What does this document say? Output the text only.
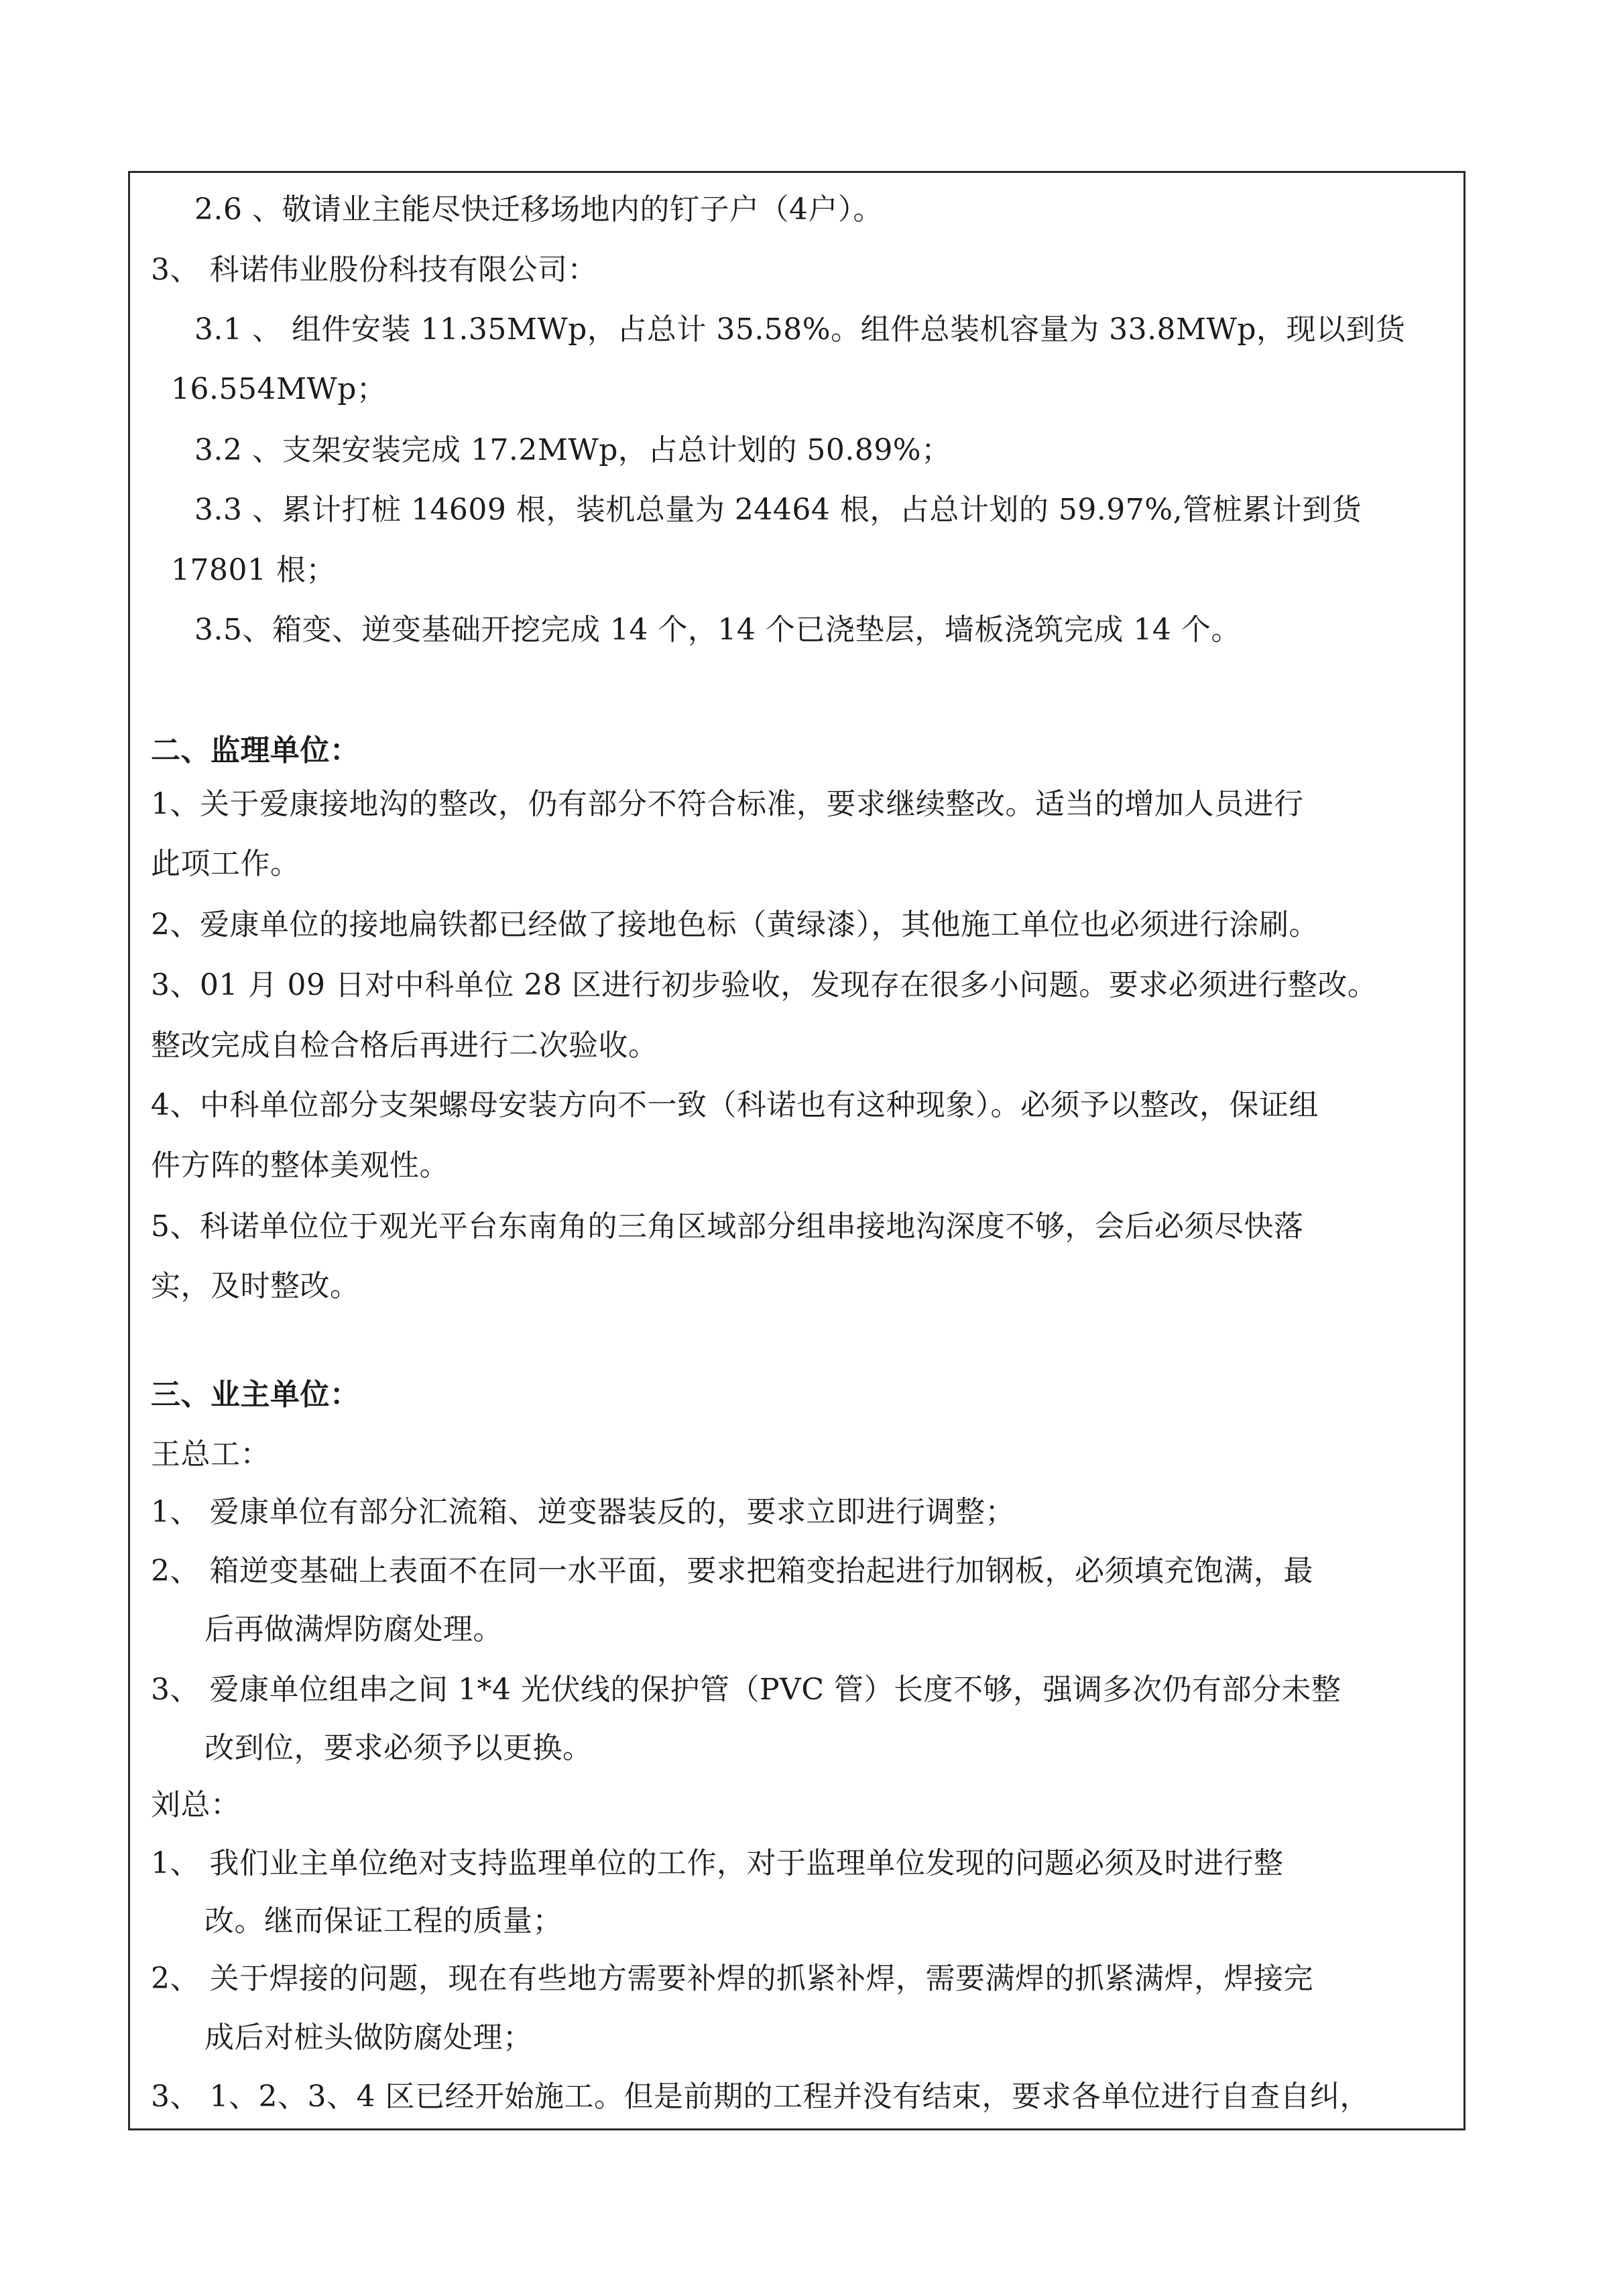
2.6 、敬请业主能尽快迁移场地内的钉子户（4户）。
3、 科诺伟业股份科技有限公司：
3.1 、 组件安装 11.35MWp，占总计 35.58%。组件总装机容量为 33.8MWp，现以到货
16.554MWp；
3.2 、支架安装完成 17.2MWp，占总计划的 50.89%；
3.3 、累计打桩 14609 根，装机总量为 24464 根，占总计划的 59.97%,管桩累计到货
17801 根；
3.5、箱变、逆变基础开挖完成 14 个，14 个已浇垫层，墙板浇筑完成 14 个。
二、监理单位：
1、关于爱康接地沟的整改，仍有部分不符合标准，要求继续整改。适当的增加人员进行
此项工作。
2、爱康单位的接地扁铁都已经做了接地色标（黄绿漆），其他施工单位也必须进行涂刷。
3、01 月 09 日对中科单位 28 区进行初步验收，发现存在很多小问题。要求必须进行整改。
整改完成自检合格后再进行二次验收。
4、中科单位部分支架螺母安装方向不一致（科诺也有这种现象）。必须予以整改，保证组
件方阵的整体美观性。
5、科诺单位位于观光平台东南角的三角区域部分组串接地沟深度不够，会后必须尽快落
实，及时整改。
三、业主单位：
王总工：
1、 爱康单位有部分汇流箱、逆变器装反的，要求立即进行调整；
2、 箱逆变基础上表面不在同一水平面，要求把箱变抬起进行加钢板，必须填充饱满，最
后再做满焊防腐处理。
3、 爱康单位组串之间 1*4 光伏线的保护管（PVC 管）长度不够，强调多次仍有部分未整
改到位，要求必须予以更换。
刘总：
1、 我们业主单位绝对支持监理单位的工作，对于监理单位发现的问题必须及时进行整
改。继而保证工程的质量；
2、 关于焊接的问题，现在有些地方需要补焊的抓紧补焊，需要满焊的抓紧满焊，焊接完
成后对桩头做防腐处理；
3、 1、2、3、4 区已经开始施工。但是前期的工程并没有结束，要求各单位进行自查自纠，
